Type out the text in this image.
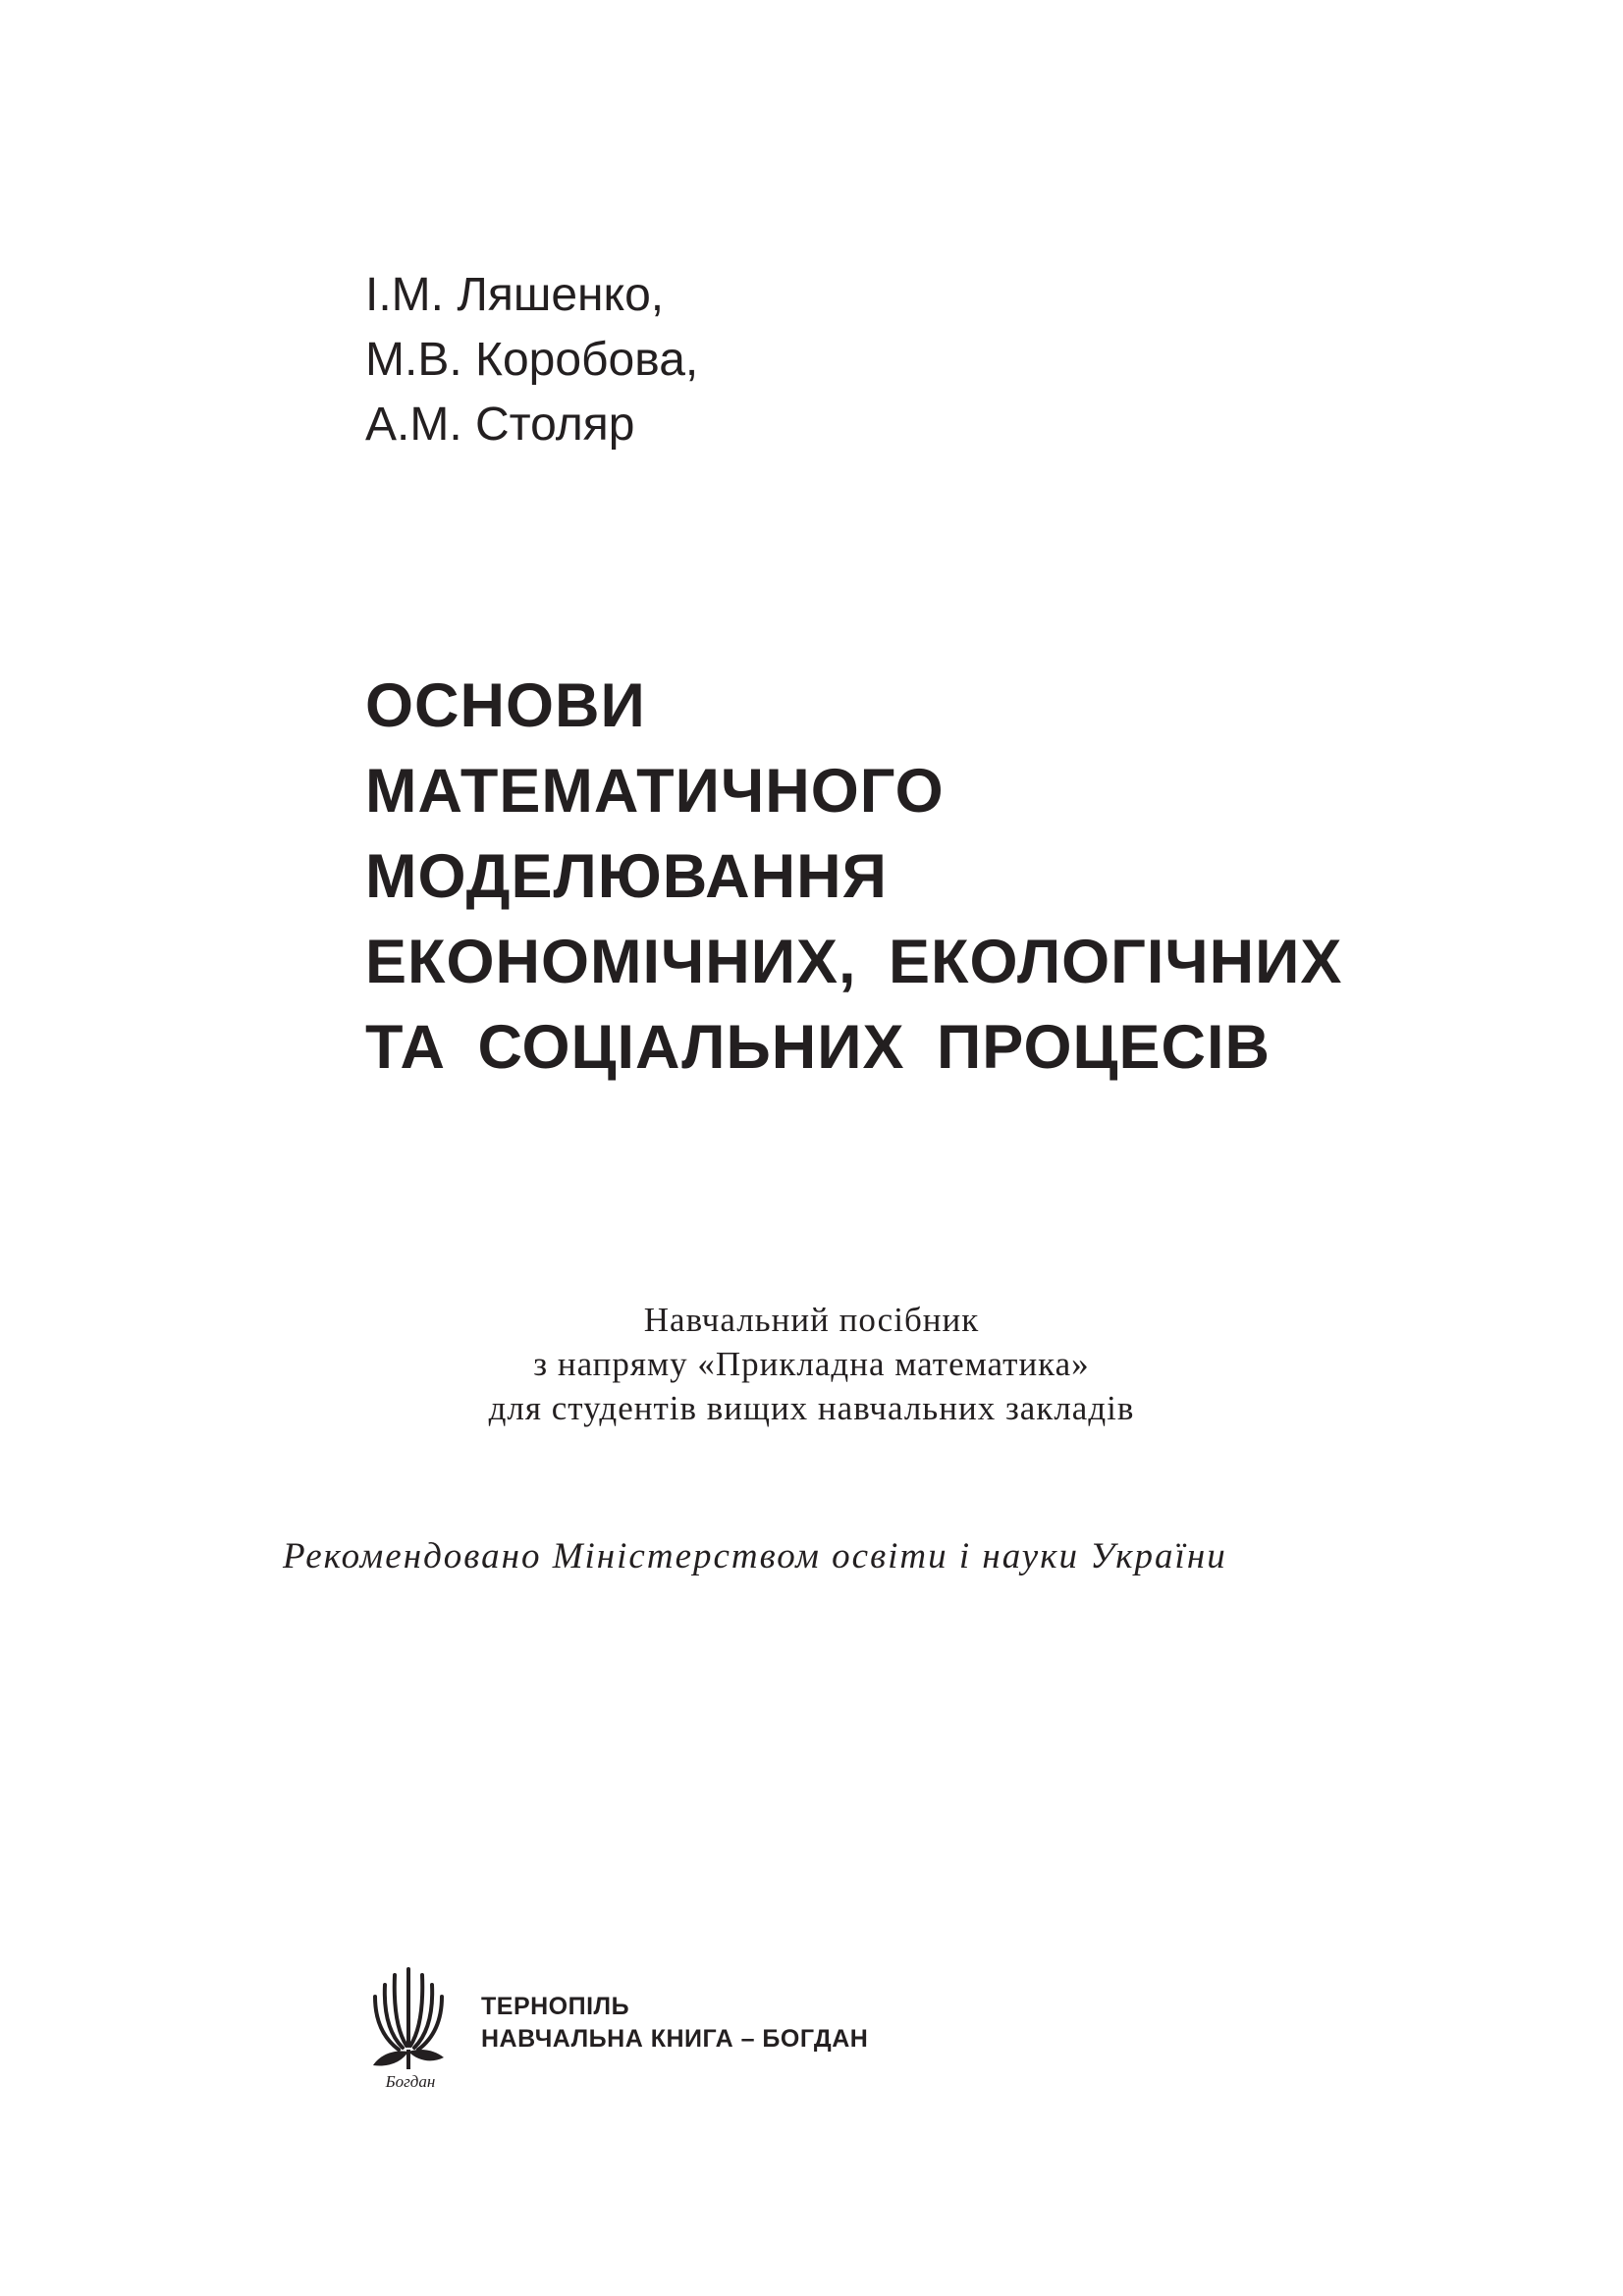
І.М. Ляшенко,
М.В. Коробова,
А.М. Столяр
ОСНОВИ
МАТЕМАТИЧНОГО
МОДЕЛЮВАННЯ
ЕКОНОМІЧНИХ, ЕКОЛОГІЧНИХ
ТА СОЦІАЛЬНИХ ПРОЦЕСІВ
Навчальний посібник
з напряму «Прикладна математика»
для студентів вищих навчальних закладів
Рекомендовано Міністерством освіти і науки України
Богдан
ТЕРНОПІЛЬ
НАВЧАЛЬНА КНИГА – БОГДАН
